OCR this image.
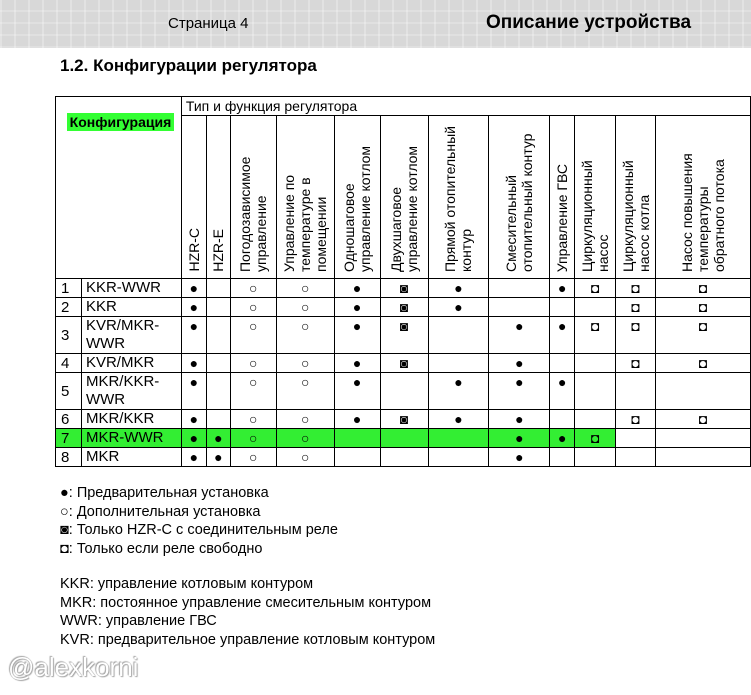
Страница 4	Описание устройства
1.2. Конфигурации регулятора
Конфигурация		Тип и функция регулятора											

		HZR-C	HZR-E	Погодозависимое управление	Управление по температуре в помещении	Одношаговое управление котлом	Двухшаговое управление котлом	Прямой отопительный контур	Смесительный отопительный контур	Управление ГВС	Циркуляционный насос	Циркуляционный насос котла	Насос повышения температуры обратного потока

1	KKR-WWR	●		○	○	●	◙	●		●	◘	◘	◘
2	KKR	●		○	○	●	◙	●				◘	◘
3	KVR/MKR-WWR	●		○	○	●	◙		●	●	◘	◘	◘
4	KVR/MKR	●		○	○	●	◙		●			◘	◘
5	MKR/KKR-WWR	●		○	○	●		●	●	●			
6	MKR/KKR	●		○	○	●	◙	●	●			◘	◘
7	MKR-WWR	●	●	○	○				●	●	◘		
8	MKR	●	●	○	○				●				
●: Предварительная установка
○: Дополнительная установка
◙: Только HZR-C с соединительным реле
◘: Только если реле свободно
KKR: управление котловым контуром
MKR: постоянное управление смесительным контуром
WWR: управление ГВС
KVR: предварительное управление котловым контуром
@alexkorni
